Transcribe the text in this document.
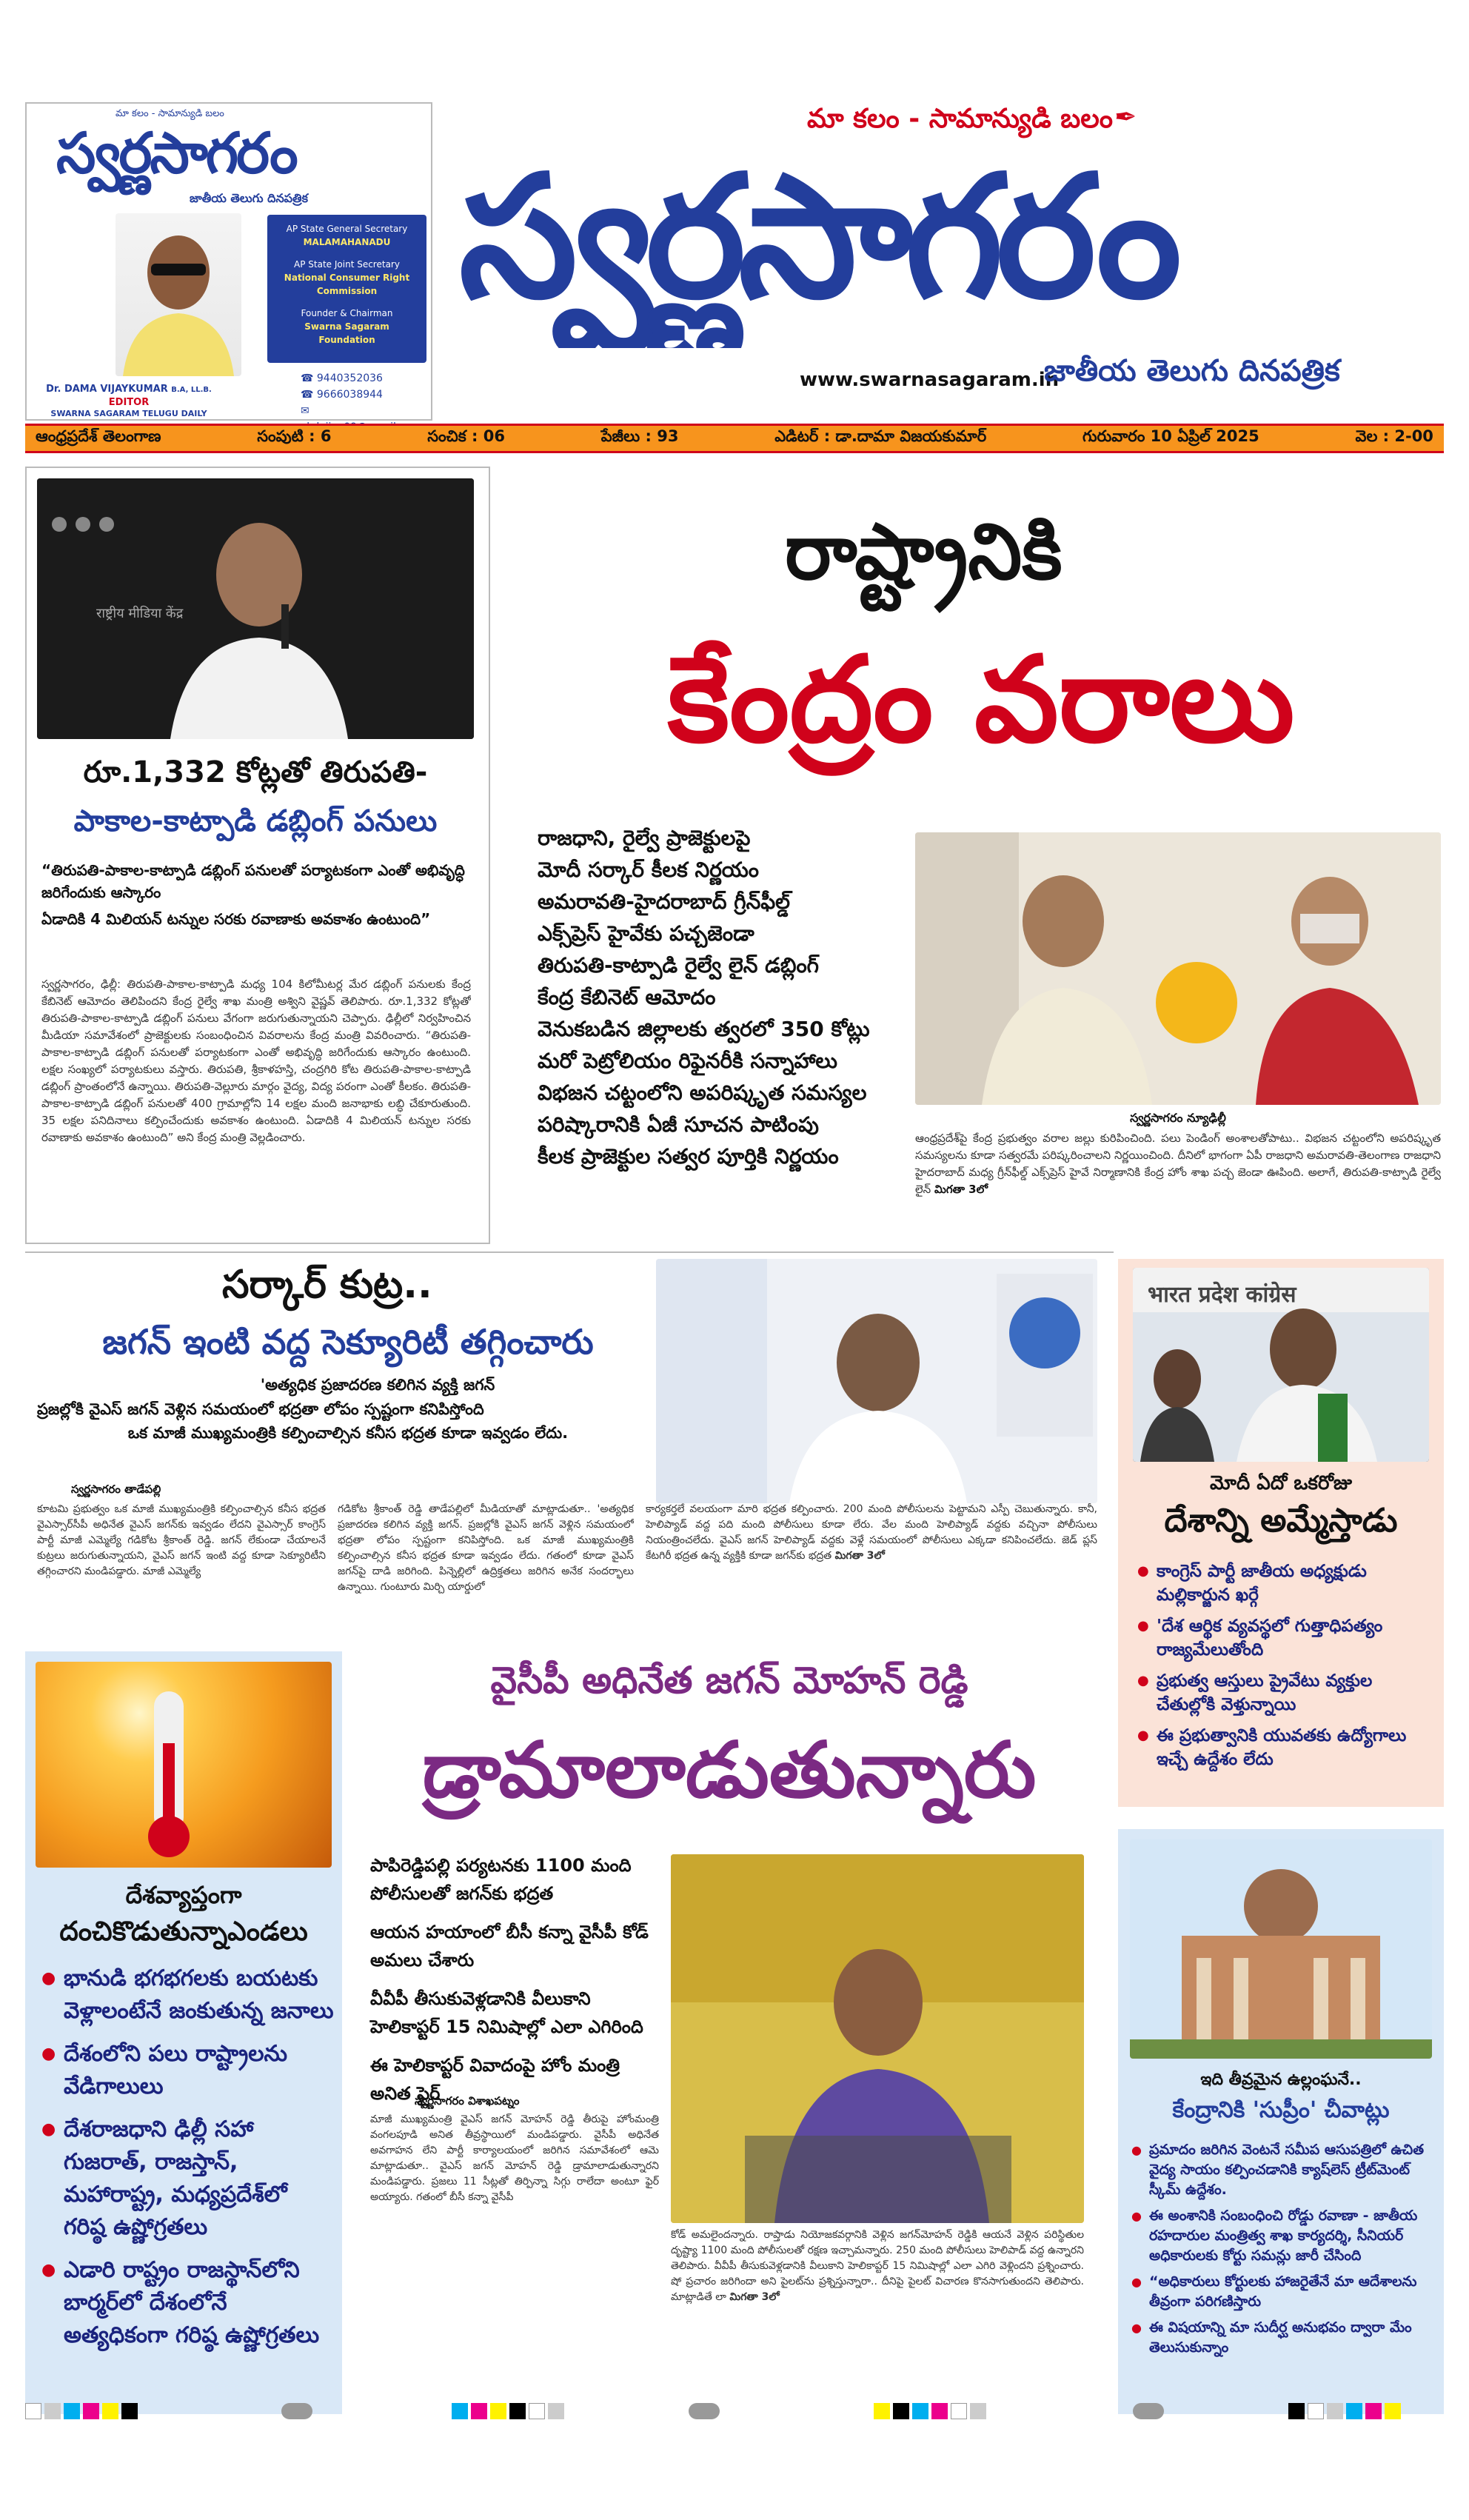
మా కలం - సామాన్యుడి బలం
స్వర్ణసాగరం
జాతీయ తెలుగు దినపత్రిక
Dr. DAMA VIJAYKUMAR B.A, LL.B.
EDITOR
SWARNA SAGARAM TELUGU DAILY
AP State General Secretary
MALAMAHANADU
AP State Joint Secretary
National Consumer Right Commission
Founder & Chairman
Swarna Sagaram Foundation
☎ 9440352036
☎ 9666038944
✉
మా కలం - సామాన్యుడి బలం ✒
స్వర్ణసాగరం
www.swarnasagaram.in
జాతీయ తెలుగు దినపత్రిక
ఆంధ్రప్రదేశ్ తెలంగాణ	సంపుటి : 6	సంచిక : 06	పేజీలు : 93	ఎడిటర్ : డా.దామా విజయకుమార్	గురువారం 10 ఏప్రిల్ 2025	వెల : 2-00
राष्ट्रीय मीडिया केंद्र
రూ.1,332 కోట్లతో తిరుపతి-
పాకాల-కాట్పాడి డబ్లింగ్ పనులు
“తిరుపతి-పాకాల-కాట్పాడి డబ్లింగ్ పనులతో పర్యాటకంగా ఎంతో అభివృద్ధి జరిగేందుకు ఆస్కారం
ఏడాదికి 4 మిలియన్ టన్నుల సరకు రవాణాకు అవకాశం ఉంటుంది”
స్వర్ణసాగరం, ఢిల్లీ: తిరుపతి-పాకాల-కాట్పాడి మధ్య 104 కిలోమీటర్ల మేర డబ్లింగ్ పనులకు కేంద్ర కేబినెట్ ఆమోదం తెలిపిందని కేంద్ర రైల్వే శాఖ మంత్రి అశ్విని వైష్ణవ్ తెలిపారు. రూ.1,332 కోట్లతో తిరుపతి-పాకాల-కాట్పాడి డబ్లింగ్ పనులు వేగంగా జరుగుతున్నాయని చెప్పారు. ఢిల్లీలో నిర్వహించిన మీడియా సమావేశంలో ప్రాజెక్టులకు సంబంధించిన వివరాలను కేంద్ర మంత్రి వివరించారు. “తిరుపతి-పాకాల-కాట్పాడి డబ్లింగ్ పనులతో పర్యాటకంగా ఎంతో అభివృద్ధి జరిగేందుకు ఆస్కారం ఉంటుంది. లక్షల సంఖ్యలో పర్యాటకులు వస్తారు. తిరుపతి, శ్రీకాళహస్తి, చంద్రగిరి కోట తిరుపతి-పాకాల-కాట్పాడి డబ్లింగ్ ప్రాంతంలోనే ఉన్నాయి. తిరుపతి-వెల్లూరు మార్గం వైద్య, విద్య పరంగా ఎంతో కీలకం. తిరుపతి-పాకాల-కాట్పాడి డబ్లింగ్ పనులతో 400 గ్రామాల్లోని 14 లక్షల మంది జనాభాకు లబ్ధి చేకూరుతుంది. 35 లక్షల పనిదినాలు కల్పించేందుకు అవకాశం ఉంటుంది. ఏడాదికి 4 మిలియన్ టన్నుల సరకు రవాణాకు అవకాశం ఉంటుంది” అని కేంద్ర మంత్రి వెల్లడించారు.
రాష్ట్రానికి
కేంద్రం వరాలు
రాజధాని, రైల్వే ప్రాజెక్టులపై
మోదీ సర్కార్ కీలక నిర్ణయం
అమరావతి-హైదరాబాద్ గ్రీన్‌ఫీల్డ్
ఎక్స్‌ప్రెస్ హైవేకు పచ్చజెండా
తిరుపతి-కాట్పాడి రైల్వే లైన్ డబ్లింగ్
కేంద్ర కేబినెట్ ఆమోదం
వెనుకబడిన జిల్లాలకు త్వరలో 350 కోట్లు
మరో పెట్రోలియం రిఫైనరీకి సన్నాహాలు
విభజన చట్టంలోని అపరిష్కృత సమస్యల
పరిష్కారానికి ఏజీ సూచన పాటింపు
కీలక ప్రాజెక్టుల సత్వర పూర్తికి నిర్ణయం
స్వర్ణసాగరం న్యూఢిల్లీ
ఆంధ్రప్రదేశ్‌పై కేంద్ర ప్రభుత్వం వరాల జల్లు కురిపించింది. పలు పెండింగ్ అంశాలతోపాటు.. విభజన చట్టంలోని అపరిష్కృత సమస్యలను కూడా సత్వరమే పరిష్కరించాలని నిర్ణయించింది. దీనిలో భాగంగా ఏపీ రాజధాని అమరావతి-తెలంగాణ రాజధాని హైదరాబాద్ మధ్య గ్రీన్‌ఫీల్డ్ ఎక్స్‌ప్రెస్ హైవే నిర్మాణానికి కేంద్ర హోం శాఖ పచ్చ జెండా ఊపింది. అలాగే, తిరుపతి-కాట్పాడి రైల్వే లైన్ మిగతా 3లో
సర్కార్ కుట్ర..
జగన్ ఇంటి వద్ద సెక్యూరిటీ తగ్గించారు
'అత్యధిక ప్రజాదరణ కలిగిన వ్యక్తి జగన్
ప్రజల్లోకి వైఎస్ జగన్ వెళ్లిన సమయంలో భద్రతా లోపం స్పష్టంగా కనిపిస్తోంది
ఒక మాజీ ముఖ్యమంత్రికి కల్పించాల్సిన కనీస భద్రత కూడా ఇవ్వడం లేదు.
స్వర్ణసాగరం తాడేపల్లి
కూటమి ప్రభుత్వం ఒక మాజీ ముఖ్యమంత్రికి కల్పించాల్సిన కనీస భద్రత వైఎస్సార్‌సీపీ అధినేత వైఎస్ జగన్‌కు ఇవ్వడం లేదని వైఎస్సార్ కాంగ్రెస్ పార్టీ మాజీ ఎమ్మెల్యే గడికోట శ్రీకాంత్ రెడ్డి. జగన్ లేకుండా చేయాలనే కుట్రలు జరుగుతున్నాయని, వైఎస్ జగన్ ఇంటి వద్ద కూడా సెక్యూరిటీని తగ్గించారని మండిపడ్డారు. మాజీ ఎమ్మెల్యే
గడికోట శ్రీకాంత్ రెడ్డి తాడేపల్లిలో మీడియాతో మాట్లాడుతూ.. 'అత్యధిక ప్రజాదరణ కలిగిన వ్యక్తి జగన్. ప్రజల్లోకి వైఎస్ జగన్ వెళ్లిన సమయంలో భద్రతా లోపం స్పష్టంగా కనిపిస్తోంది. ఒక మాజీ ముఖ్యమంత్రికి కల్పించాల్సిన కనీస భద్రత కూడా ఇవ్వడం లేదు. గతంలో కూడా వైఎస్ జగన్‌పై దాడి జరిగింది. పిన్నెల్లిలో ఉద్రిక్తతలు జరిగిన అనేక సందర్భాలు ఉన్నాయి. గుంటూరు మిర్చి యార్డులో
కార్యకర్తలే వలయంగా మారి భద్రత కల్పించారు. 200 మంది పోలీసులను పెట్టామని ఎస్పీ చెబుతున్నారు. కానీ, హెలిప్యాడ్ వద్ద పది మంది పోలీసులు కూడా లేరు. వేల మంది హెలిప్యాడ్ వద్దకు వచ్చినా పోలీసులు నియంత్రించలేదు. వైఎస్ జగన్ హెలిప్యాడ్ వద్దకు వెళ్లే సమయంలో పోలీసులు ఎక్కడా కనిపించలేదు. జెడ్ ప్లస్ కేటగిరీ భద్రత ఉన్న వ్యక్తికి కూడా జగన్‌కు భద్రత మిగతా 3లో
भारत प्रदेश कांग्रेस
మోదీ ఏదో ఒకరోజు
దేశాన్ని అమ్మేస్తాడు
● కాంగ్రెస్ పార్టీ జాతీయ అధ్యక్షుడు మల్లికార్జున ఖర్గే
● 'దేశ ఆర్థిక వ్యవస్థలో గుత్తాధిపత్యం రాజ్యమేలుతోంది
● ప్రభుత్వ ఆస్తులు ప్రైవేటు వ్యక్తుల చేతుల్లోకి వెళ్తున్నాయి
● ఈ ప్రభుత్వానికి యువతకు ఉద్యోగాలు ఇచ్చే ఉద్దేశం లేదు
దేశవ్యాప్తంగా
దంచికొడుతున్నాఎండలు
● భానుడి భగభగలకు బయటకు వెళ్లాలంటేనే జంకుతున్న జనాలు
● దేశంలోని పలు రాష్ట్రాలను వేడిగాలులు
● దేశరాజధాని ఢిల్లీ సహా గుజరాత్, రాజస్తాన్, మహారాష్ట్ర, మధ్యప్రదేశ్‌లో గరిష్ఠ ఉష్ణోగ్రతలు
● ఎడారి రాష్ట్రం రాజస్థాన్‌లోని బార్మర్‌లో దేశంలోనే అత్యధికంగా గరిష్ఠ ఉష్ణోగ్రతలు
వైసీపీ అధినేత జగన్ మోహన్ రెడ్డి
డ్రామాలాడుతున్నారు
పాపిరెడ్డిపల్లి పర్యటనకు 1100 మంది పోలీసులతో జగన్‌కు భద్రత
ఆయన హయాంలో బీసీ కన్నా వైసీపీ కోడ్ అమలు చేశారు
వీవీపీ తీసుకువెళ్లడానికి వీలుకాని హెలికాప్టర్ 15 నిమిషాల్లో ఎలా ఎగిరింది
ఈ హెలికాప్టర్ వివాదంపై హోం మంత్రి అనిత ఫైర్
స్వర్ణసాగరం విశాఖపట్నం
మాజీ ముఖ్యమంత్రి వైఎస్ జగన్ మోహన్ రెడ్డి తీరుపై హోంమంత్రి వంగలపూడి అనిత తీవ్రస్థాయిలో మండిపడ్డారు. వైసీపీ అధినేత అవగాహన లేని పార్టీ కార్యాలయంలో జరిగిన సమావేశంలో ఆమె మాట్లాడుతూ.. వైఎస్ జగన్ మోహన్ రెడ్డి డ్రామాలాడుతున్నారని మండిపడ్డారు. ప్రజలు 11 సీట్లతో తిర్పిన్నా సిగ్గు రాలేదా అంటూ ఫైర్ అయ్యారు. గతంలో బీసీ కన్నా వైసీపీ
కోడ్ అమలైందన్నారు. రాప్తాడు నియోజకవర్గానికి వెళ్లిన జగన్‌మోహన్ రెడ్డికి ఆయనే వెళ్లిన పరిస్థితుల దృష్ట్యా 1100 మంది పోలీసులతో రక్షణ ఇచ్చామన్నారు. 250 మంది పోలీసులు హెలిపాడ్ వద్ద ఉన్నారని తెలిపారు. వీవీపీ తీసుకువెళ్లడానికి వీలుకాని హెలికాప్టర్ 15 నిమిషాల్లో ఎలా ఎగిరి వెళ్లిందని ప్రశ్నించారు. షో ప్రచారం జరిగిందా అని పైలట్‌ను ప్రశ్నిస్తున్నారా.. దీనిపై పైలట్ విచారణ కొనసాగుతుందని తెలిపారు. మాట్లాడితే లా మిగతా 3లో
ఇది తీవ్రమైన ఉల్లంఘనే..
కేంద్రానికి 'సుప్రీం' చీవాట్లు
● ప్రమాదం జరిగిన వెంటనే సమీప ఆసుపత్రిలో ఉచిత వైద్య సాయం కల్పించడానికి క్యాష్‌లెస్ ట్రీట్‌మెంట్ స్కీమ్ ఉద్దేశం.
● ఈ అంశానికి సంబంధించి రోడ్డు రవాణా - జాతీయ రహదారుల మంత్రిత్వ శాఖ కార్యదర్శి, సీనియర్ అధికారులకు కోర్టు సమన్లు జారీ చేసింది
● “అధికారులు కోర్టులకు హాజరైతేనే మా ఆదేశాలను తీవ్రంగా పరిగణిస్తారు
● ఈ విషయాన్ని మా సుదీర్ఘ అనుభవం ద్వారా మేం తెలుసుకున్నాం
